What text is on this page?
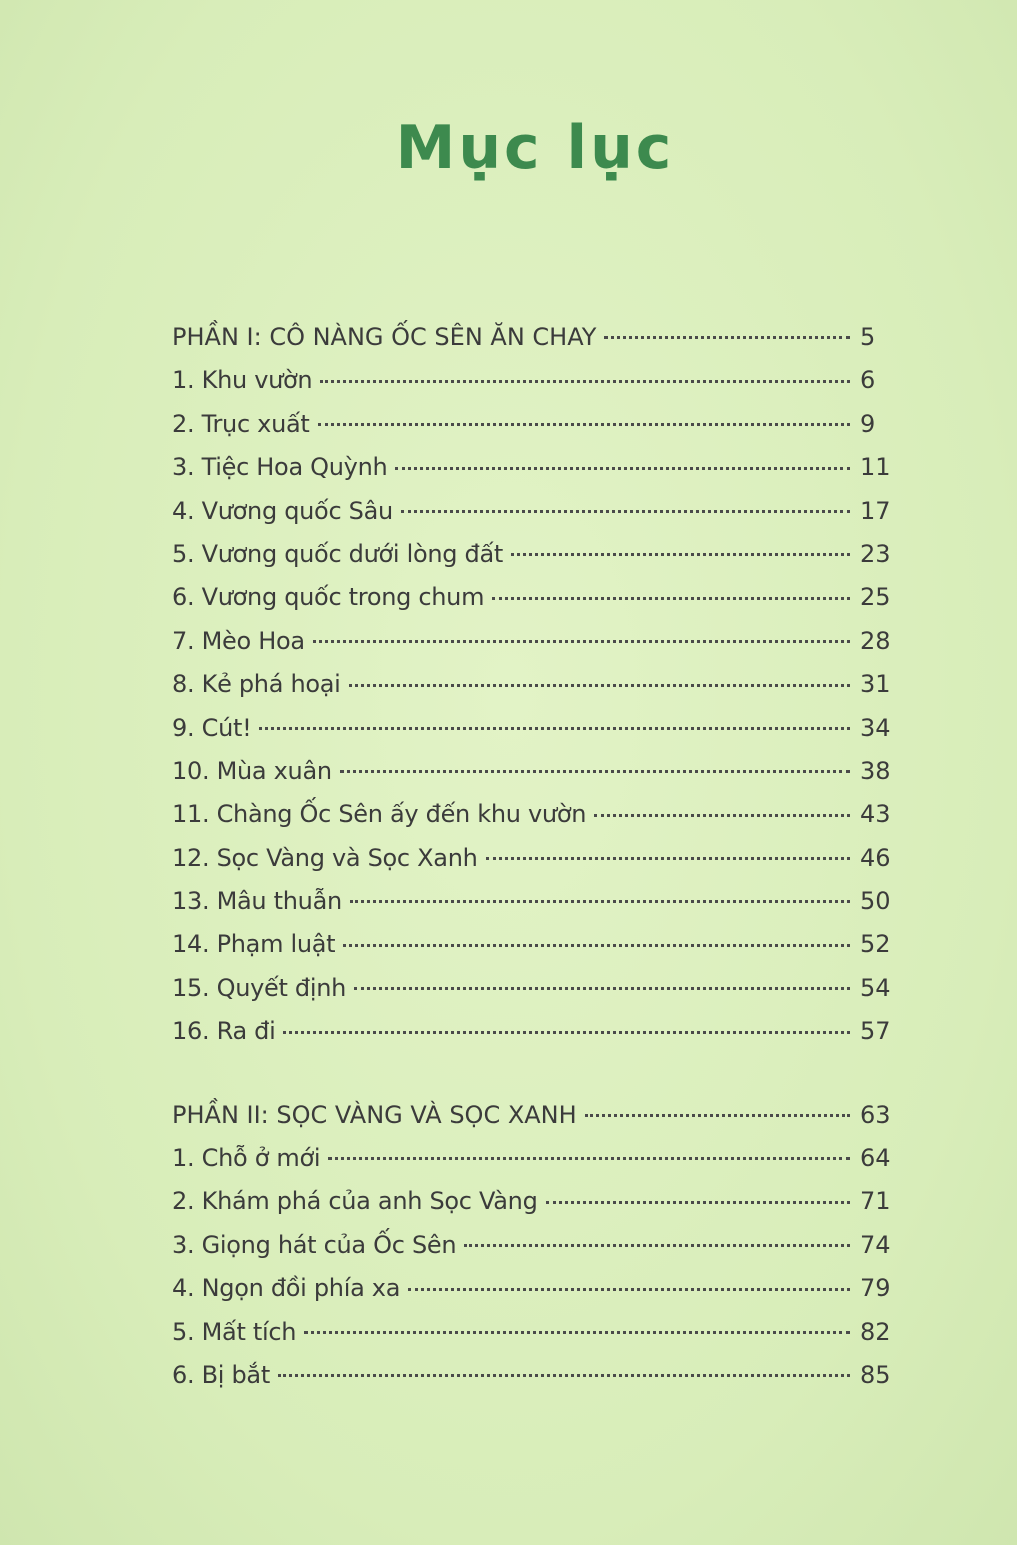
Mục lục
PHẦN I: CÔ NÀNG ỐC SÊN ĂN CHAY	5
1. Khu vườn	6
2. Trục xuất	9
3. Tiệc Hoa Quỳnh	11
4. Vương quốc Sâu	17
5. Vương quốc dưới lòng đất	23
6. Vương quốc trong chum	25
7. Mèo Hoa	28
8. Kẻ phá hoại	31
9. Cút!	34
10. Mùa xuân	38
11. Chàng Ốc Sên ấy đến khu vườn	43
12. Sọc Vàng và Sọc Xanh	46
13. Mâu thuẫn	50
14. Phạm luật	52
15. Quyết định	54
16. Ra đi	57
PHẦN II: SỌC VÀNG VÀ SỌC XANH	63
1. Chỗ ở mới	64
2. Khám phá của anh Sọc Vàng	71
3. Giọng hát của Ốc Sên	74
4. Ngọn đồi phía xa	79
5. Mất tích	82
6. Bị bắt	85
